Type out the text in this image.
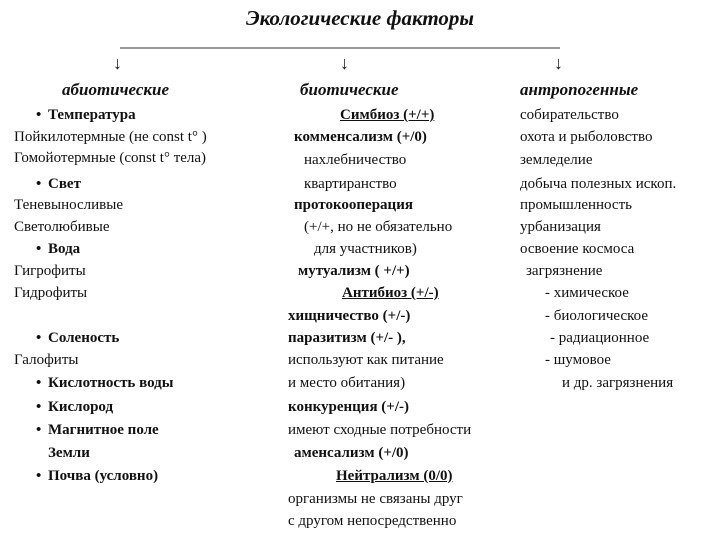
Экологические факторы
↓	↓	↓
абиотические	биотические	антропогенные
• Температура
Пойкилотермные (не const t° )
Гомойотермные (const t° тела)
• Свет
Теневыносливые
Светолюбивые
• Вода
Гигрофиты
Гидрофиты
• Соленость
Галофиты
• Кислотность воды
• Кислород
• Магнитное поле
Земли
• Почва (условно)
Симбиоз (+/+)
комменсализм (+/0)
нахлебничество
квартиранство
протокооперация
(+/+, но не обязательно
для участников)
мутуализм ( +/+)
Антибиоз (+/-)
хищничество (+/-)
паразитизм (+/- ),
используют как питание
и место обитания)
конкуренция (+/-)
имеют сходные потребности
аменсализм (+/0)
Нейтрализм (0/0)
организмы не связаны друг
с другом непосредственно
собирательство
охота и рыболовство
земледелие
добыча полезных ископ.
промышленность
урбанизация
освоение космоса
загрязнение
- химическое
- биологическое
- радиационное
- шумовое
и др. загрязнения
